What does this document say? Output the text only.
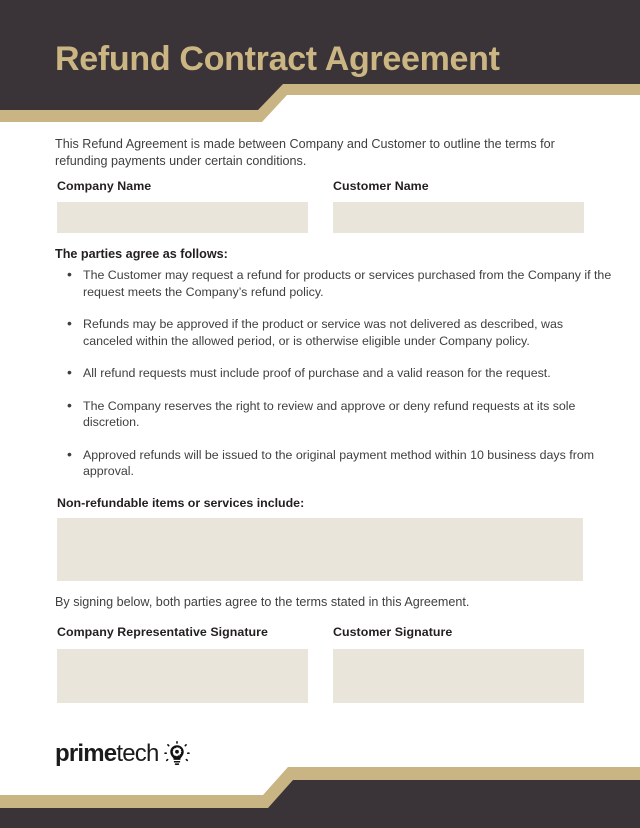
Refund Contract Agreement
This Refund Agreement is made between Company and Customer to outline the terms for refunding payments under certain conditions.
Company Name	Customer Name
The parties agree as follows:
• The Customer may request a refund for products or services purchased from the Company if the request meets the Company’s refund policy.
• Refunds may be approved if the product or service was not delivered as described, was canceled within the allowed period, or is otherwise eligible under Company policy.
• All refund requests must include proof of purchase and a valid reason for the request.
• The Company reserves the right to review and approve or deny refund requests at its sole discretion.
• Approved refunds will be issued to the original payment method within 10 business days from approval.
Non-refundable items or services include:
By signing below, both parties agree to the terms stated in this Agreement.
Company Representative Signature	Customer Signature
primetech
